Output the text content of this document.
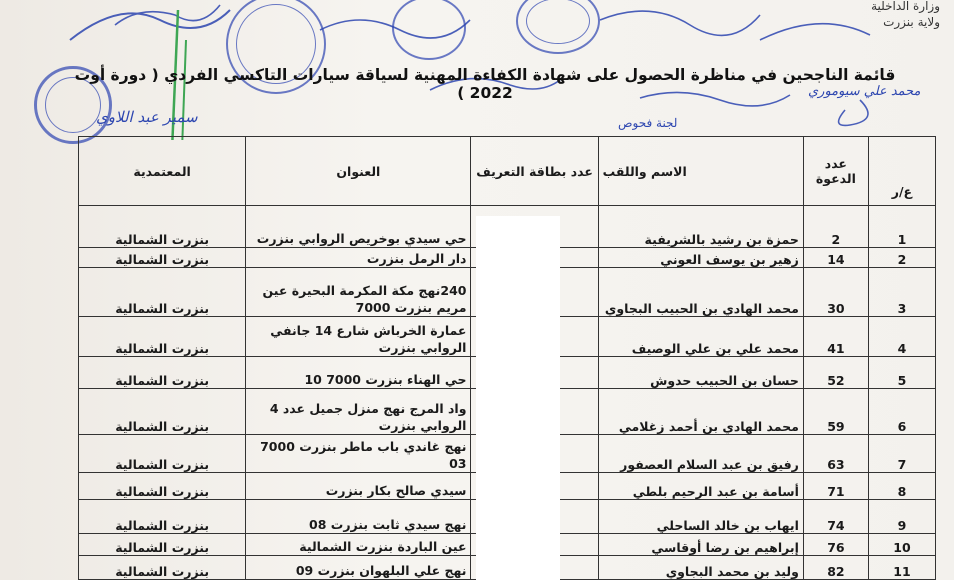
وزارة الداخلية
ولاية بنزرت
سمير عبد اللاوي
محمد علي سيوموري
لجنة فحوص
قائمة الناجحين في مناظرة الحصول على شهادة الكفاءة المهنية لسياقة سيارات التاكسي الفردي ( دورة أوت 2022 )
ع/ر	عدد الدعوة	الاسم واللقب	عدد بطاقة التعريف	العنوان	المعتمدية
1	2	حمزة بن رشيد بالشريفية		حي سيدي بوخريص الروابي بنزرت	بنزرت الشمالية
2	14	زهير بن يوسف العوني		دار الرمل بنزرت	بنزرت الشمالية
3	30	محمد الهادي بن الحبيب البجاوي		240نهج مكة المكرمة البحيرة عين مريم بنزرت 7000	بنزرت الشمالية
4	41	محمد علي بن علي الوصيف		عمارة الخرباش شارع 14 جانفي الروابي بنزرت	بنزرت الشمالية
5	52	حسان بن الحبيب حدوش		حي الهناء بنزرت 7000 10	بنزرت الشمالية
6	59	محمد الهادي بن أحمد زغلامي		واد المرج نهج منزل جميل عدد 4 الروابي بنزرت	بنزرت الشمالية
7	63	رفيق بن عبد السلام العصفور		نهج غاندي باب ماطر بنزرت 7000 03	بنزرت الشمالية
8	71	أسامة بن عبد الرحيم بلطي		سيدي صالح بكار بنزرت	بنزرت الشمالية
9	74	ايهاب بن خالد الساحلي		نهج سيدي ثابت بنزرت 08	بنزرت الشمالية
10	76	إبراهيم بن رضا أوقاسي		عين الباردة بنزرت الشمالية	بنزرت الشمالية
11	82	وليد بن محمد البجاوي		نهج علي البلهوان بنزرت 09	بنزرت الشمالية
